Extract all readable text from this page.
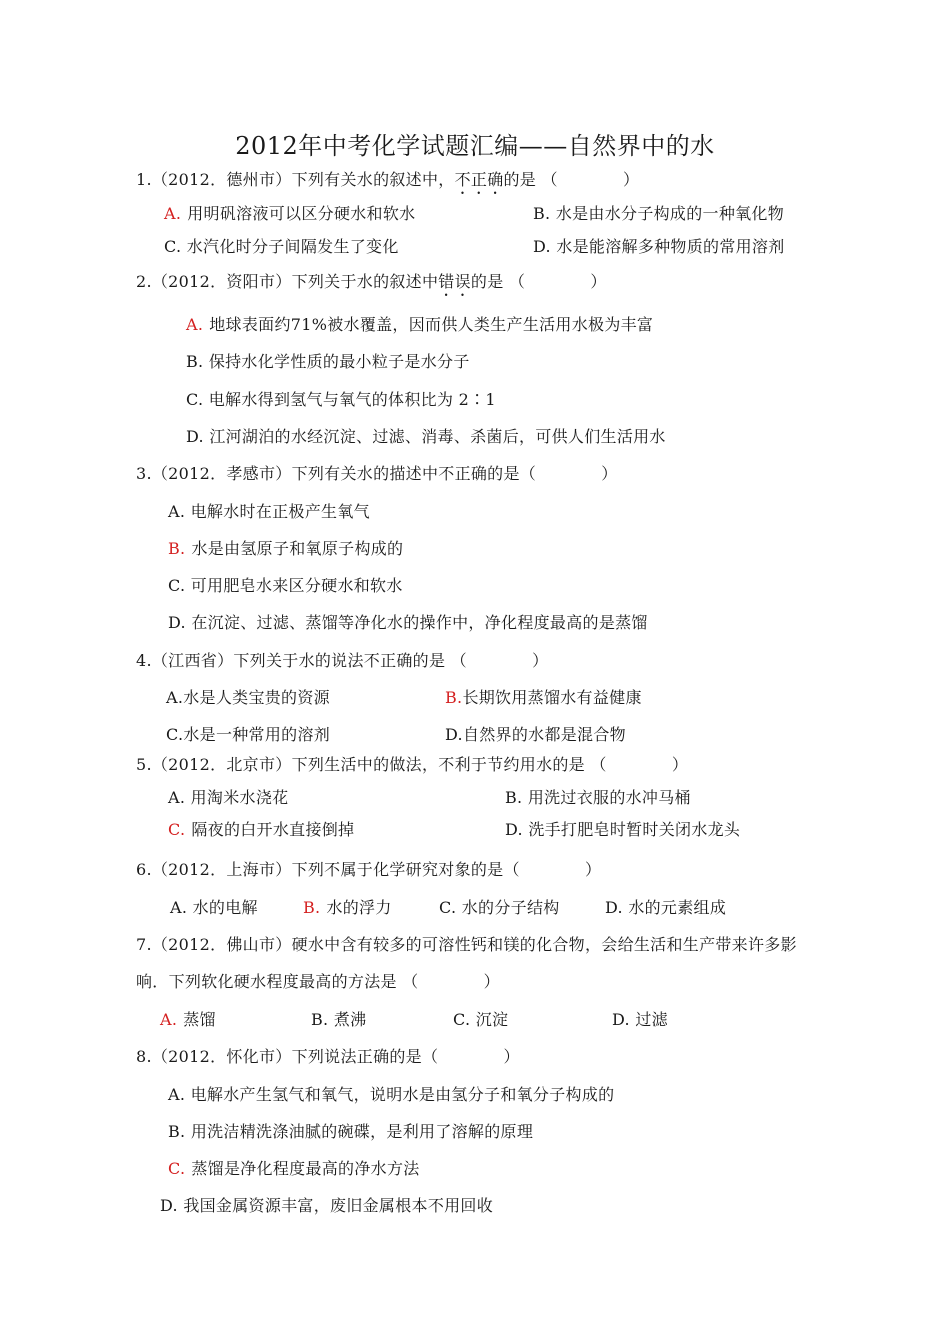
2012年中考化学试题汇编——自然界中的水
1.（2012．德州市）下列有关水的叙述中，不正确的是 （　　　　）
A. 用明矾溶液可以区分硬水和软水	B. 水是由水分子构成的一种氧化物
C. 水汽化时分子间隔发生了变化	D. 水是能溶解多种物质的常用溶剂
2.（2012．资阳市）下列关于水的叙述中错误的是 （　　　　）
A. 地球表面约71%被水覆盖，因而供人类生产生活用水极为丰富
B. 保持水化学性质的最小粒子是水分子
C. 电解水得到氢气与氧气的体积比为 2∶1
D. 江河湖泊的水经沉淀、过滤、消毒、杀菌后，可供人们生活用水
3.（2012．孝感市）下列有关水的描述中不正确的是（　　　　）
A. 电解水时在正极产生氧气
B. 水是由氢原子和氧原子构成的
C. 可用肥皂水来区分硬水和软水
D. 在沉淀、过滤、蒸馏等净化水的操作中，净化程度最高的是蒸馏
4.（江西省）下列关于水的说法不正确的是 （　　　　）
A.水是人类宝贵的资源	B.长期饮用蒸馏水有益健康
C.水是一种常用的溶剂	D.自然界的水都是混合物
5.（2012．北京市）下列生活中的做法，不利于节约用水的是 （　　　　）
A. 用淘米水浇花	B. 用洗过衣服的水冲马桶
C. 隔夜的白开水直接倒掉	D. 洗手打肥皂时暂时关闭水龙头
6.（2012．上海市）下列不属于化学研究对象的是（　　　　）
A. 水的电解	B. 水的浮力	C. 水的分子结构	D. 水的元素组成
7.（2012．佛山市）硬水中含有较多的可溶性钙和镁的化合物，会给生活和生产带来许多影
响．下列软化硬水程度最高的方法是 （　　　　）
A. 蒸馏	B. 煮沸	C. 沉淀	D. 过滤
8.（2012．怀化市）下列说法正确的是（　　　　）
A. 电解水产生氢气和氧气，说明水是由氢分子和氧分子构成的
B. 用洗洁精洗涤油腻的碗碟，是利用了溶解的原理
C. 蒸馏是净化程度最高的净水方法
D. 我国金属资源丰富，废旧金属根本不用回收
